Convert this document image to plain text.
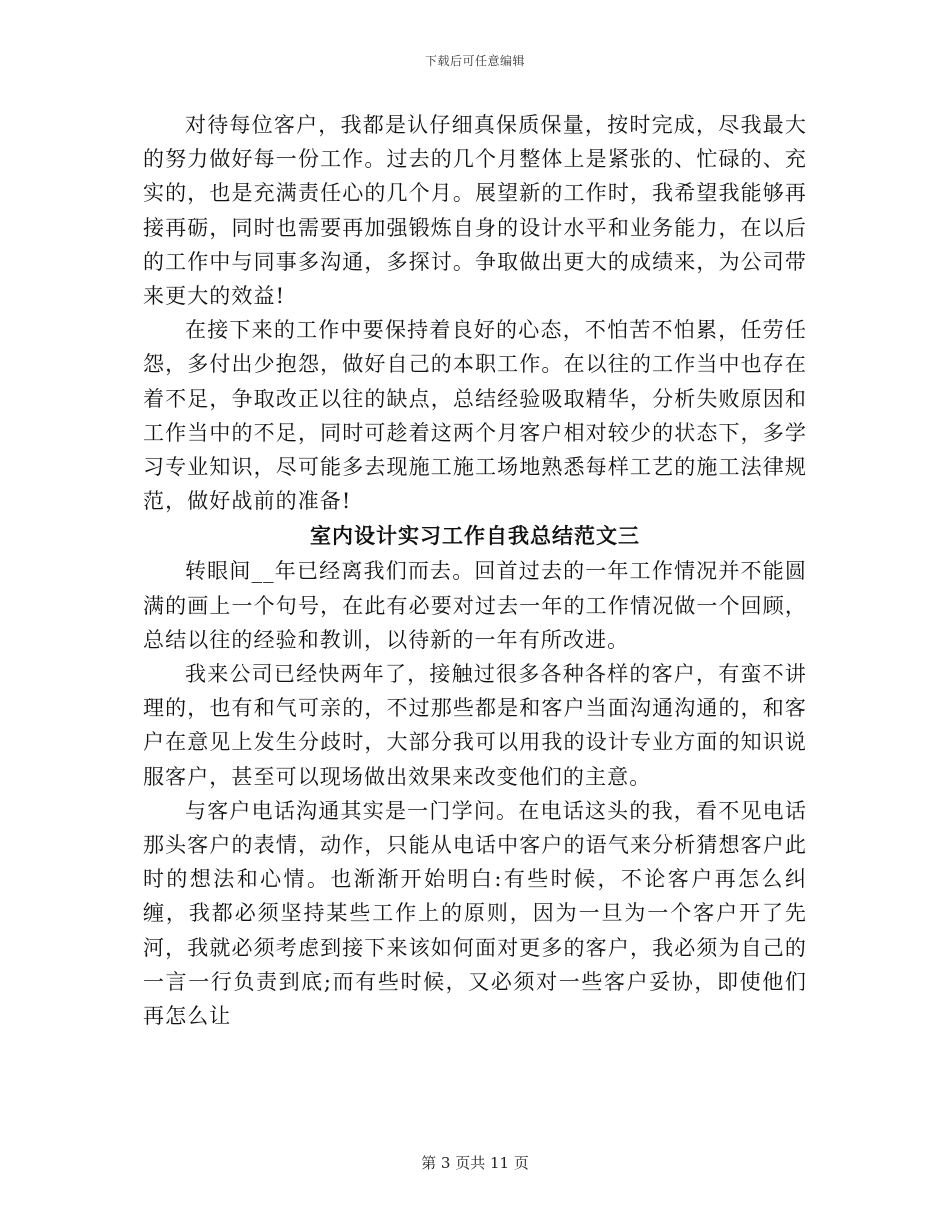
下载后可任意编辑

对待每位客户，我都是认仔细真保质保量，按时完成，尽我最大的努力做好每一份工作。过去的几个月整体上是紧张的、忙碌的、充实的，也是充满责任心的几个月。展望新的工作时，我希望我能够再接再砺，同时也需要再加强锻炼自身的设计水平和业务能力，在以后的工作中与同事多沟通，多探讨。争取做出更大的成绩来，为公司带来更大的效益!

在接下来的工作中要保持着良好的心态，不怕苦不怕累，任劳任怨，多付出少抱怨，做好自己的本职工作。在以往的工作当中也存在着不足，争取改正以往的缺点，总结经验吸取精华，分析失败原因和工作当中的不足，同时可趁着这两个月客户相对较少的状态下，多学习专业知识，尽可能多去现施工施工场地熟悉每样工艺的施工法律规范，做好战前的准备!

室内设计实习工作自我总结范文三

转眼间__年已经离我们而去。回首过去的一年工作情况并不能圆满的画上一个句号，在此有必要对过去一年的工作情况做一个回顾，总结以往的经验和教训，以待新的一年有所改进。

我来公司已经快两年了，接触过很多各种各样的客户，有蛮不讲理的，也有和气可亲的，不过那些都是和客户当面沟通沟通的，和客户在意见上发生分歧时，大部分我可以用我的设计专业方面的知识说服客户，甚至可以现场做出效果来改变他们的主意。

与客户电话沟通其实是一门学问。在电话这头的我，看不见电话那头客户的表情，动作，只能从电话中客户的语气来分析猜想客户此时的想法和心情。也渐渐开始明白:有些时候，不论客户再怎么纠缠，我都必须坚持某些工作上的原则，因为一旦为一个客户开了先河，我就必须考虑到接下来该如何面对更多的客户，我必须为自己的一言一行负责到底;而有些时候，又必须对一些客户妥协，即使他们再怎么让

第 3 页共 11 页
